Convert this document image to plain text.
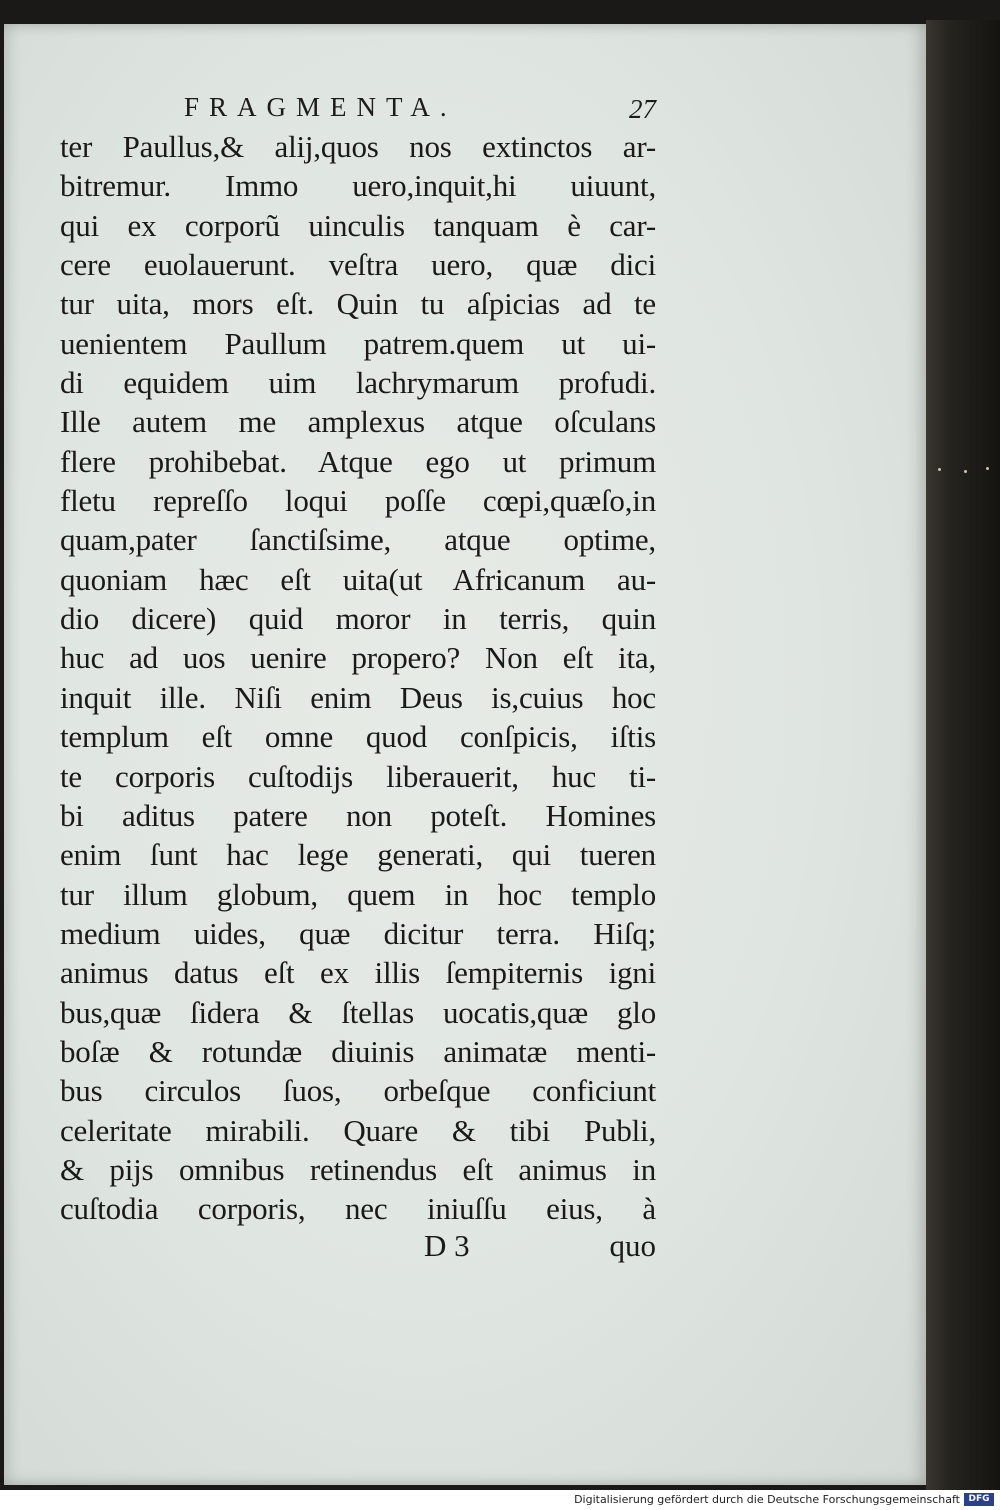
FRAGMENTA.	27
ter Paullus,& alij,quos nos extinctos ar-
bitremur. Immo uero,inquit,hi uiuunt,
qui ex corporũ uinculis tanquam è car-
cere euolauerunt. veſtra uero, quæ dici
tur uita, mors eſt. Quin tu aſpicias ad te
uenientem Paullum patrem.quem ut ui-
di equidem uim lachrymarum profudi.
Ille autem me amplexus atque oſculans
flere prohibebat. Atque ego ut primum
fletu repreſſo loqui poſſe cœpi,quæſo,in
quam,pater ſanctiſsime, atque optime,
quoniam hæc eſt uita(ut Africanum au-
dio dicere) quid moror in terris, quin
huc ad uos uenire propero? Non eſt ita,
inquit ille. Niſi enim Deus is,cuius hoc
templum eſt omne quod conſpicis, iſtis
te corporis cuſtodijs liberauerit, huc ti-
bi aditus patere non poteſt. Homines
enim ſunt hac lege generati, qui tueren
tur illum globum, quem in hoc templo
medium uides, quæ dicitur terra. Hiſq;
animus datus eſt ex illis ſempiternis igni
bus,quæ ſidera & ſtellas uocatis,quæ glo
boſæ & rotundæ diuinis animatæ menti-
bus circulos ſuos, orbeſque conficiunt
celeritate mirabili. Quare & tibi Publi,
& pijs omnibus retinendus eſt animus in
cuſtodia corporis, nec iniuſſu eius, à
D 3	quo
Digitalisierung gefördert durch die Deutsche Forschungsgemeinschaft DFG
